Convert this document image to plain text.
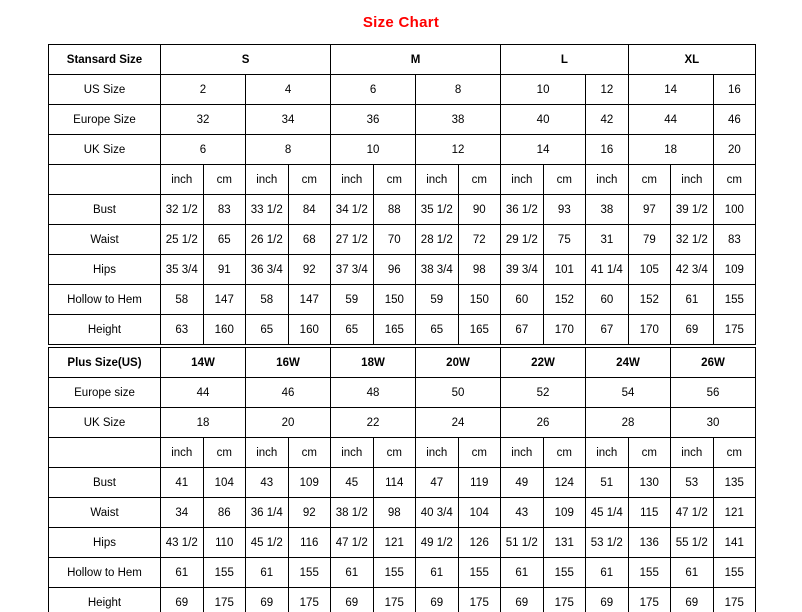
Size Chart
Stansard Size	S				M				L			XL			
US Size	2		4		6		8		10		12	14		16	
Europe Size	32		34		36		38		40		42	44		46	
UK Size	6		8		10		12		14		16	18		20	
	inch	cm	inch	cm	inch	cm	inch	cm	inch	cm	inch	cm	inch	cm	
Bust	32 1/2	83	33 1/2	84	34 1/2	88	35 1/2	90	36 1/2	93	38	97	39 1/2	100		
Waist	25 1/2	65	26 1/2	68	27 1/2	70	28 1/2	72	29 1/2	75	31	79	32 1/2	83		
Hips	35 3/4	91	36 3/4	92	37 3/4	96	38 3/4	98	39 3/4	101	41 1/4	105	42 3/4	109		
Hollow to Hem	58	147	58	147	59	150	59	150	60	152	60	152	61	155		
Height	63	160	65	160	65	165	65	165	67	170	67	170	69	175		
Plus Size(US)	14W		16W		18W		20W		22W		24W		26W	
Europe size	44		46		48		50		52		54		56	
UK Size	18		20		22		24		26		28		30	
	inch	cm	inch	cm	inch	cm	inch	cm	inch	cm	inch	cm	inch	cm
Bust	41	104	43	109	45	114	47	119	49	124	51	130	53	135
Waist	34	86	36 1/4	92	38 1/2	98	40 3/4	104	43	109	45 1/4	115	47 1/2	121
Hips	43 1/2	110	45 1/2	116	47 1/2	121	49 1/2	126	51 1/2	131	53 1/2	136	55 1/2	141
Hollow to Hem	61	155	61	155	61	155	61	155	61	155	61	155	61	155
Height	69	175	69	175	69	175	69	175	69	175	69	175	69	175
